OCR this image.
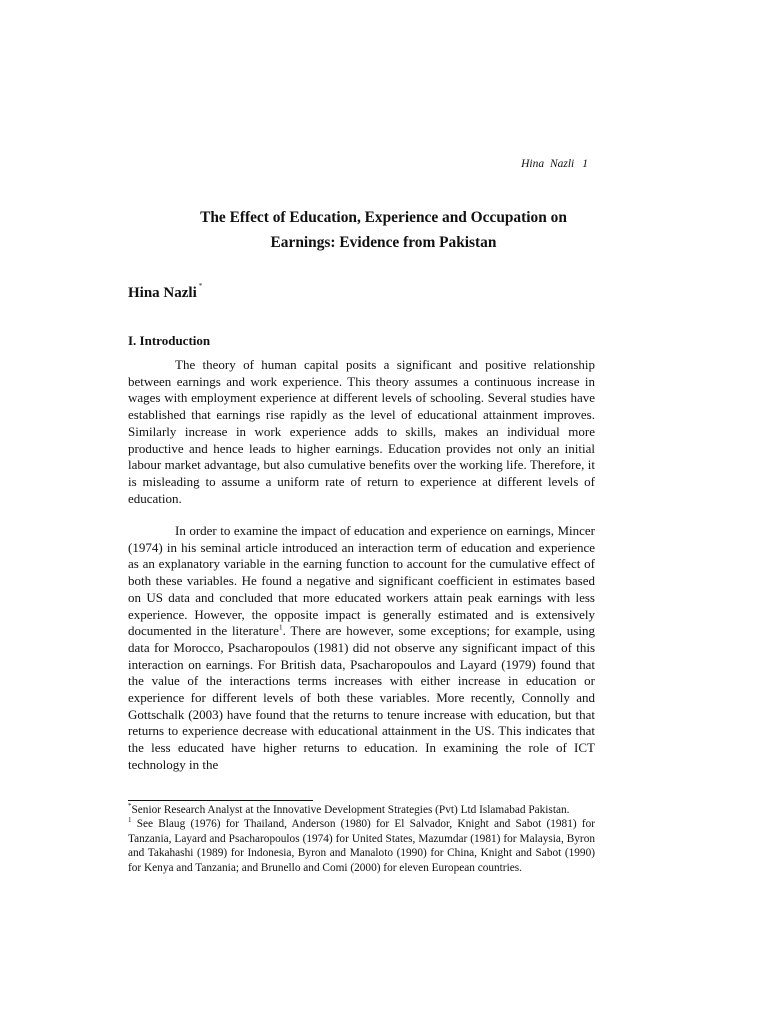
Hina Nazli 1
The Effect of Education, Experience and Occupation on
Earnings: Evidence from Pakistan
Hina Nazli *
I. Introduction

The theory of human capital posits a significant and positive relationship between earnings and work experience. This theory assumes a continuous increase in wages with employment experience at different levels of schooling. Several studies have established that earnings rise rapidly as the level of educational attainment improves. Similarly increase in work experience adds to skills, makes an individual more productive and hence leads to higher earnings. Education provides not only an initial labour market advantage, but also cumulative benefits over the working life. Therefore, it is misleading to assume a uniform rate of return to experience at different levels of education.

In order to examine the impact of education and experience on earnings, Mincer (1974) in his seminal article introduced an interaction term of education and experience as an explanatory variable in the earning function to account for the cumulative effect of both these variables. He found a negative and significant coefficient in estimates based on US data and concluded that more educated workers attain peak earnings with less experience. However, the opposite impact is generally estimated and is extensively documented in the literature$^1$. There are however, some exceptions; for example, using data for Morocco, Psacharopoulos (1981) did not observe any significant impact of this interaction on earnings. For British data, Psacharopoulos and Layard (1979) found that the value of the interactions terms increases with either increase in education or experience for different levels of both these variables. More recently, Connolly and Gottschalk (2003) have found that the returns to tenure increase with education, but that returns to experience decrease with educational attainment in the US. This indicates that the less educated have higher returns to education. In examining the role of ICT technology in the

*Senior Research Analyst at the Innovative Development Strategies (Pvt) Ltd Islamabad Pakistan.

$^1$ See Blaug (1976) for Thailand, Anderson (1980) for El Salvador, Knight and Sabot (1981) for Tanzania, Layard and Psacharopoulos (1974) for United States, Mazumdar (1981) for Malaysia, Byron and Takahashi (1989) for Indonesia, Byron and Manaloto (1990) for China, Knight and Sabot (1990) for Kenya and Tanzania; and Brunello and Comi (2000) for eleven European countries.
